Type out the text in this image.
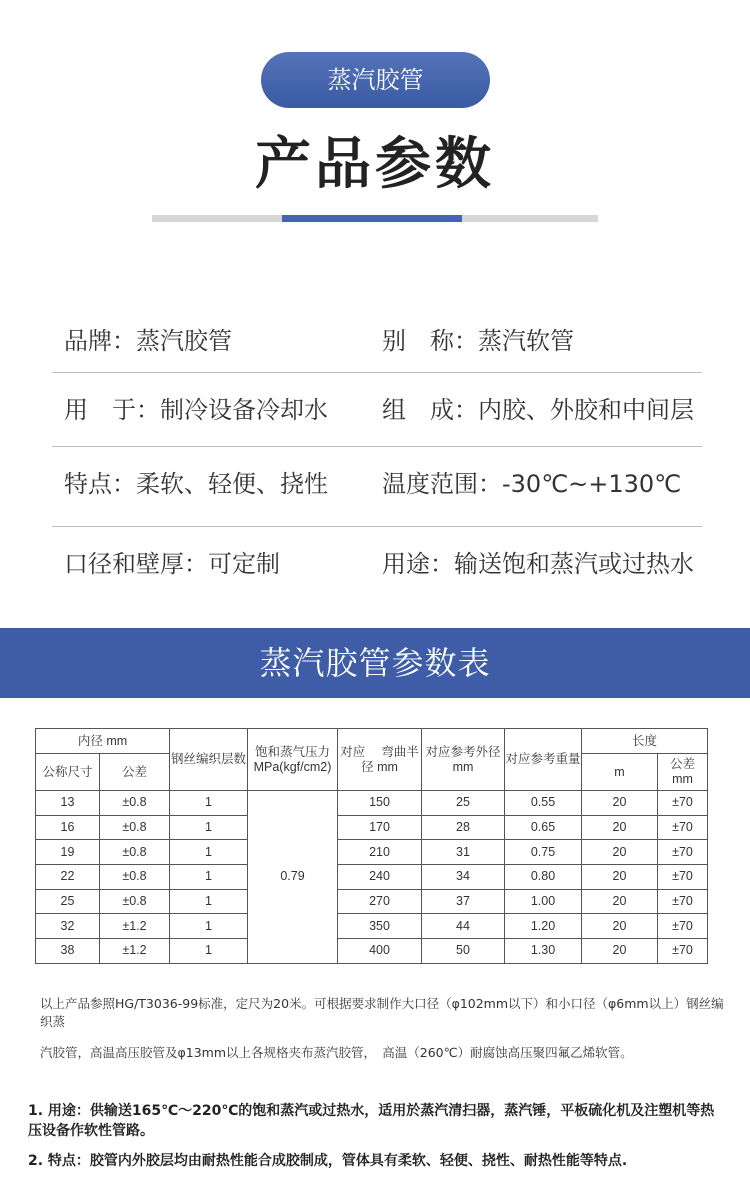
蒸汽胶管
产品参数
品牌：蒸汽胶管	别　称：蒸汽软管
用　于：制冷设备冷却水 组　成：内胶、外胶和中间层
特点：柔软、轻便、挠性 温度范围：-30℃~+130℃
口径和壁厚：可定制	用途：输送饱和蒸汽或过热水
蒸汽胶管参数表
内径 mm		钢丝编织层数	饱和蒸气压力 MPa(kgf/cm2)	对应　 弯曲半径 mm	对应参考外径 mm	对应参考重量	长度	
公称尺寸	公差						m	公差 mm
13	±0.8	1	0.79	150	25	0.55	20	±70
16	±0.8	1		170	28	0.65	20	±70
19	±0.8	1		210	31	0.75	20	±70
22	±0.8	1		240	34	0.80	20	±70
25	±0.8	1		270	37	1.00	20	±70
32	±1.2	1		350	44	1.20	20	±70
38	±1.2	1		400	50	1.30	20	±70
以上产品参照HG/T3036-99标准，定尺为20米。可根据要求制作大口径（φ102mm以下）和小口径（φ6mm以上）钢丝编织蒸
汽胶管，高温高压胶管及φ13mm以上各规格夹布蒸汽胶管，　高温（260℃）耐腐蚀高压聚四氟乙烯软管。
1. 用途：供输送165℃～220℃的饱和蒸汽或过热水，适用於蒸汽清扫器，蒸汽锤，平板硫化机及注塑机等热压设备作软性管路。
2. 特点：胶管内外胶层均由耐热性能合成胶制成，管体具有柔软、轻便、挠性、耐热性能等特点.
